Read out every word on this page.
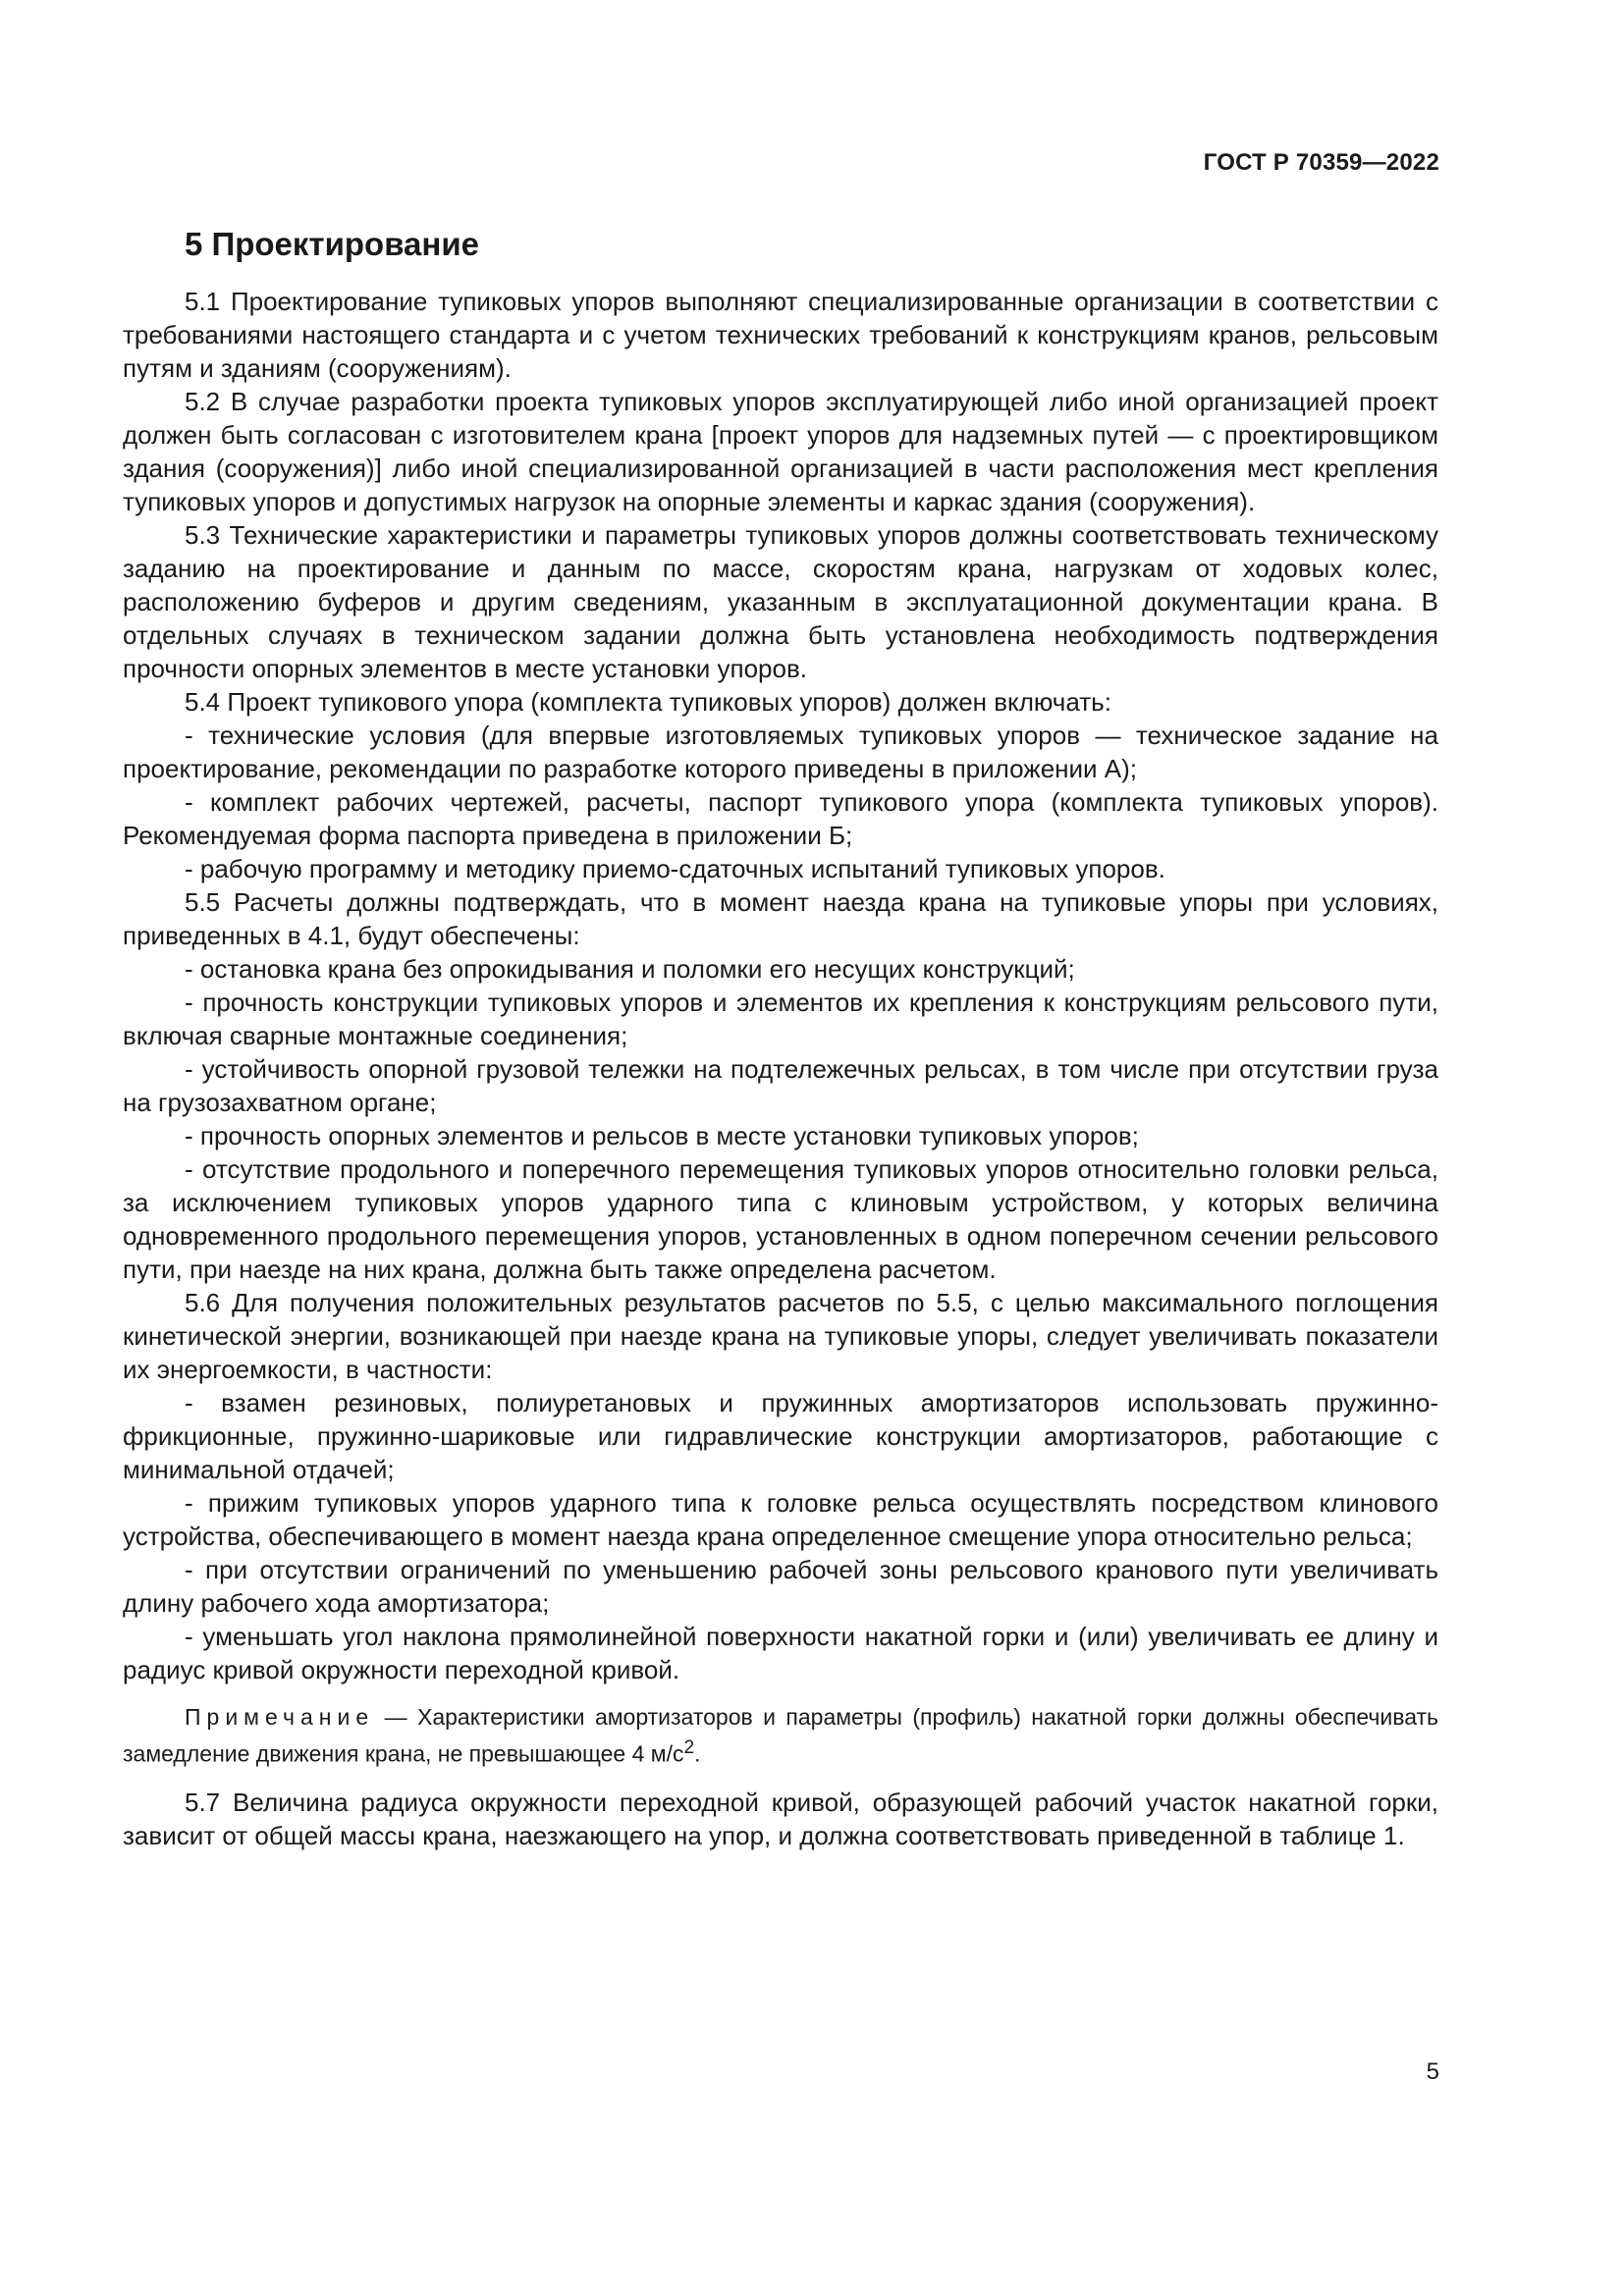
ГОСТ Р 70359—2022
5 Проектирование

5.1 Проектирование тупиковых упоров выполняют специализированные организации в соответствии с требованиями настоящего стандарта и с учетом технических требований к конструкциям кранов, рельсовым путям и зданиям (сооружениям).

5.2 В случае разработки проекта тупиковых упоров эксплуатирующей либо иной организацией проект должен быть согласован с изготовителем крана [проект упоров для надземных путей — с проектировщиком здания (сооружения)] либо иной специализированной организацией в части расположения мест крепления тупиковых упоров и допустимых нагрузок на опорные элементы и каркас здания (сооружения).

5.3 Технические характеристики и параметры тупиковых упоров должны соответствовать техническому заданию на проектирование и данным по массе, скоростям крана, нагрузкам от ходовых колес, расположению буферов и другим сведениям, указанным в эксплуатационной документации крана. В отдельных случаях в техническом задании должна быть установлена необходимость подтверждения прочности опорных элементов в месте установки упоров.

5.4 Проект тупикового упора (комплекта тупиковых упоров) должен включать:

- технические условия (для впервые изготовляемых тупиковых упоров — техническое задание на проектирование, рекомендации по разработке которого приведены в приложении А);

- комплект рабочих чертежей, расчеты, паспорт тупикового упора (комплекта тупиковых упоров). Рекомендуемая форма паспорта приведена в приложении Б;

- рабочую программу и методику приемо-сдаточных испытаний тупиковых упоров.

5.5 Расчеты должны подтверждать, что в момент наезда крана на тупиковые упоры при условиях, приведенных в 4.1, будут обеспечены:

- остановка крана без опрокидывания и поломки его несущих конструкций;

- прочность конструкции тупиковых упоров и элементов их крепления к конструкциям рельсового пути, включая сварные монтажные соединения;

- устойчивость опорной грузовой тележки на подтележечных рельсах, в том числе при отсутствии груза на грузозахватном органе;

- прочность опорных элементов и рельсов в месте установки тупиковых упоров;

- отсутствие продольного и поперечного перемещения тупиковых упоров относительно головки рельса, за исключением тупиковых упоров ударного типа с клиновым устройством, у которых величина одновременного продольного перемещения упоров, установленных в одном поперечном сечении рельсового пути, при наезде на них крана, должна быть также определена расчетом.

5.6 Для получения положительных результатов расчетов по 5.5, с целью максимального поглощения кинетической энергии, возникающей при наезде крана на тупиковые упоры, следует увеличивать показатели их энергоемкости, в частности:

- взамен резиновых, полиуретановых и пружинных амортизаторов использовать пружинно-фрикционные, пружинно-шариковые или гидравлические конструкции амортизаторов, работающие с минимальной отдачей;

- прижим тупиковых упоров ударного типа к головке рельса осуществлять посредством клинового устройства, обеспечивающего в момент наезда крана определенное смещение упора относительно рельса;

- при отсутствии ограничений по уменьшению рабочей зоны рельсового кранового пути увеличивать длину рабочего хода амортизатора;

- уменьшать угол наклона прямолинейной поверхности накатной горки и (или) увеличивать ее длину и радиус кривой окружности переходной кривой.

Примечание — Характеристики амортизаторов и параметры (профиль) накатной горки должны обеспечивать замедление движения крана, не превышающее 4 $м/с^2$.

5.7 Величина радиуса окружности переходной кривой, образующей рабочий участок накатной горки, зависит от общей массы крана, наезжающего на упор, и должна соответствовать приведенной в таблице 1.

5
